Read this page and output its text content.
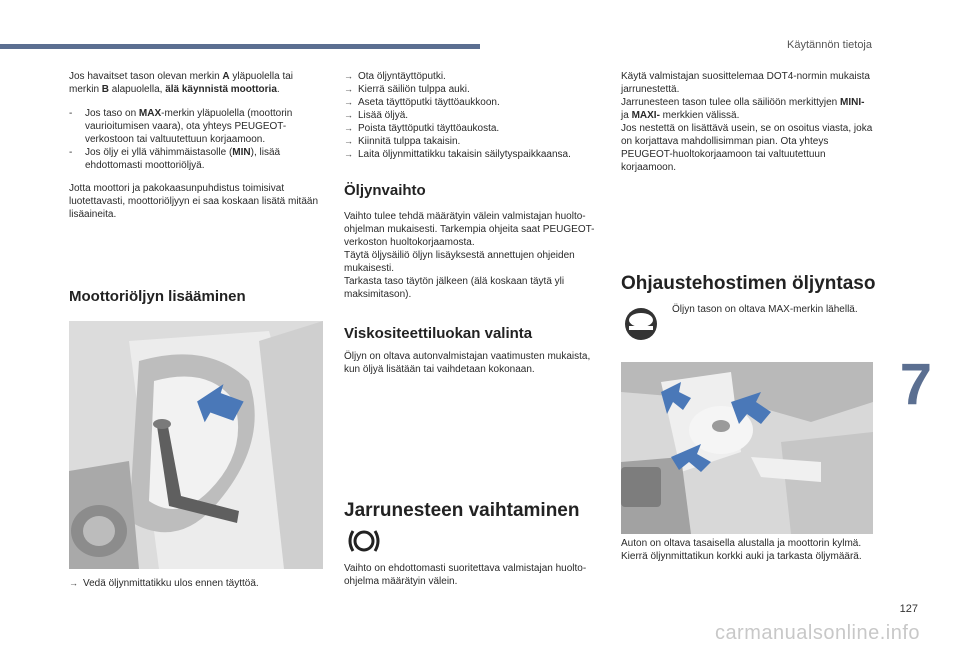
Käytännön tietoja
7
127
carmanualsonline.info

Jos havaitset tason olevan merkin A yläpuolella tai merkin B alapuolella, älä käynnistä moottoria.

- Jos taso on MAX-merkin yläpuolella (moottorin vaurioitumisen vaara), ota yhteys PEUGEOT-verkostoon tai valtuutettuun korjaamoon.
- Jos öljy ei yllä vähimmäistasolle (MIN), lisää ehdottomasti moottoriöljyä.

Jotta moottori ja pakokaasunpuhdistus toimisivat luotettavasti, moottoriöljyyn ei saa koskaan lisätä mitään lisäaineita.

Moottoriöljyn lisääminen
→ Vedä öljynmittatikku ulos ennen täyttöä.
→ Ota öljyntäyttöputki.
→ Kierrä säiliön tulppa auki.
→ Aseta täyttöputki täyttöaukkoon.
→ Lisää öljyä.
→ Poista täyttöputki täyttöaukosta.
→ Kiinnitä tulppa takaisin.
→ Laita öljynmittatikku takaisin säilytyspaikkaansa.
Öljynvaihto
Vaihto tulee tehdä määrätyin välein valmistajan huolto-ohjelman mukaisesti. Tarkempia ohjeita saat PEUGEOT-verkoston huoltokorjaamosta.
Täytä öljysäiliö öljyn lisäyksestä annettujen ohjeiden mukaisesti.
Tarkasta taso täytön jälkeen (älä koskaan täytä yli maksimitason).
Viskositeettiluokan valinta
Öljyn on oltava autonvalmistajan vaatimusten mukaista, kun öljyä lisätään tai vaihdetaan kokonaan.
Jarrunesteen vaihtaminen
Vaihto on ehdottomasti suoritettava valmistajan huolto-ohjelma määrätyin välein.
Käytä valmistajan suosittelemaa DOT4-normin mukaista jarrunestettä.
Jarrunesteen tason tulee olla säiliöön merkittyjen MINI- ja MAXI- merkkien välissä.
Jos nestettä on lisättävä usein, se on osoitus viasta, joka on korjattava mahdollisimman pian. Ota yhteys PEUGEOT-huoltokorjaamoon tai valtuutettuun korjaamoon.
Ohjaustehostimen öljyntaso
Öljyn tason on oltava MAX-merkin lähellä.
Auton on oltava tasaisella alustalla ja moottorin kylmä. Kierrä öljynmittatikun korkki auki ja tarkasta öljymäärä.
